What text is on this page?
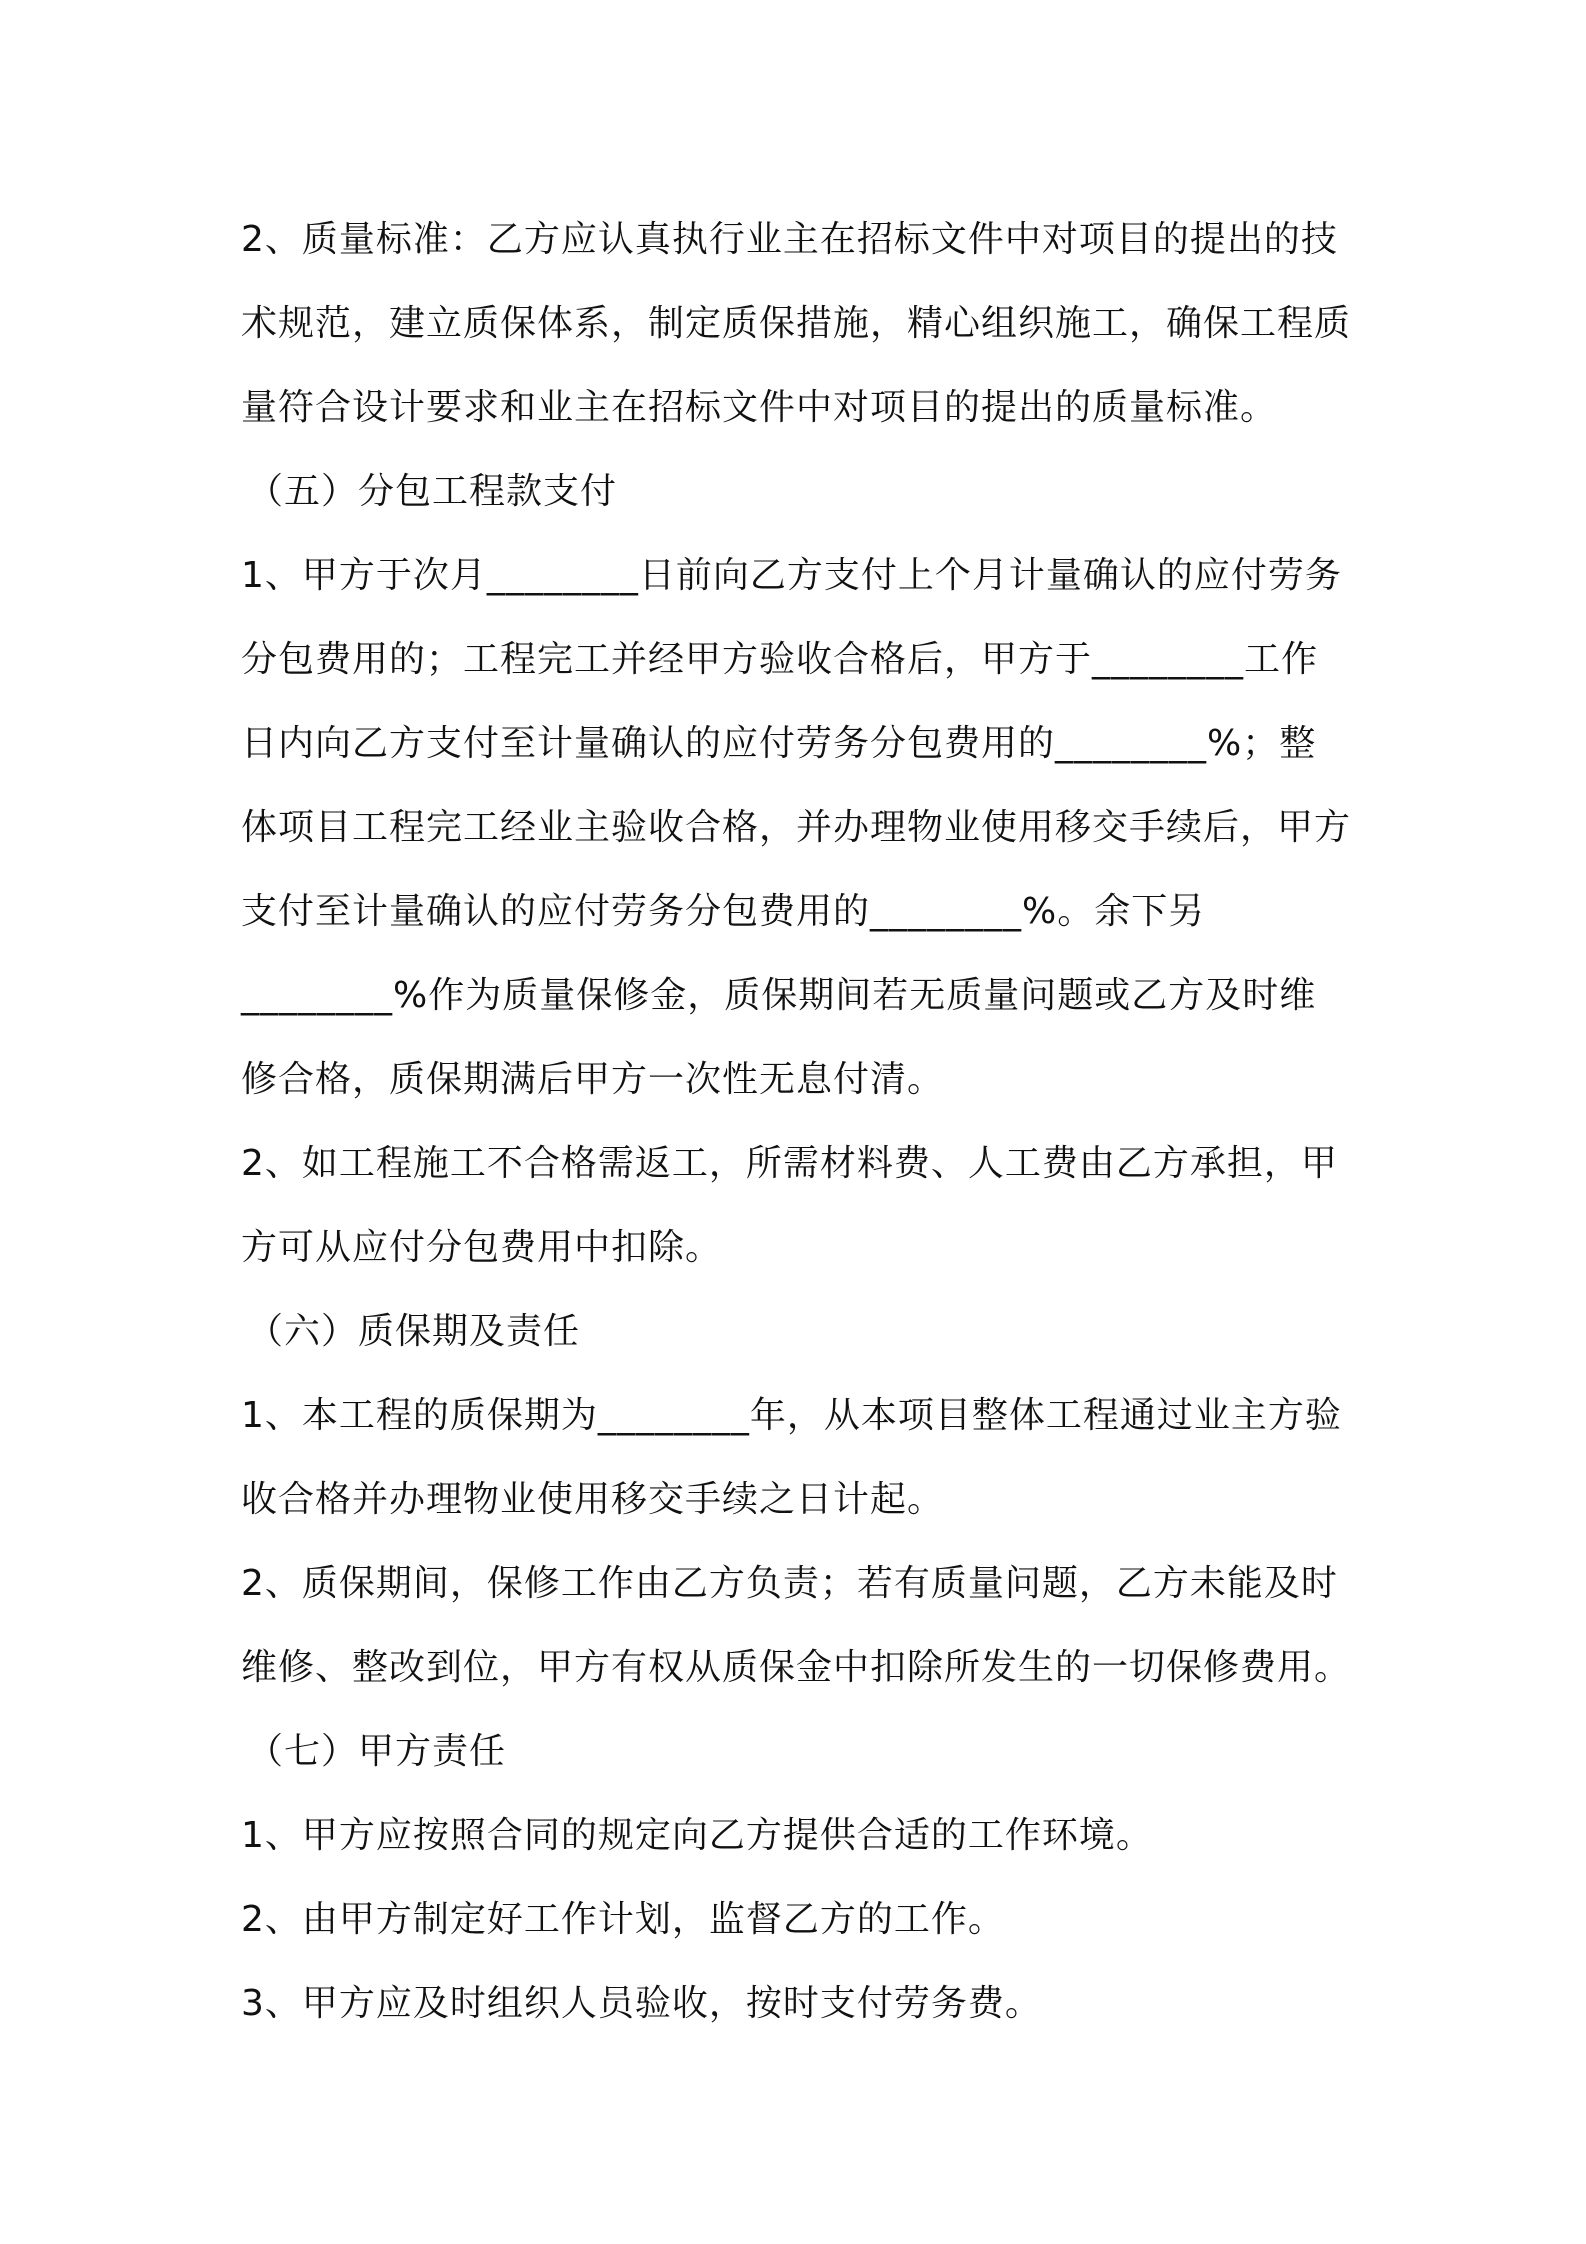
2、质量标准：乙方应认真执行业主在招标文件中对项目的提出的技
术规范，建立质保体系，制定质保措施，精心组织施工，确保工程质
量符合设计要求和业主在招标文件中对项目的提出的质量标准。
（五）分包工程款支付
1、甲方于次月________日前向乙方支付上个月计量确认的应付劳务
分包费用的；工程完工并经甲方验收合格后，甲方于________工作
日内向乙方支付至计量确认的应付劳务分包费用的________%；整
体项目工程完工经业主验收合格，并办理物业使用移交手续后，甲方
支付至计量确认的应付劳务分包费用的________%。余下另
________%作为质量保修金，质保期间若无质量问题或乙方及时维
修合格，质保期满后甲方一次性无息付清。
2、如工程施工不合格需返工，所需材料费、人工费由乙方承担，甲
方可从应付分包费用中扣除。
（六）质保期及责任
1、本工程的质保期为________年，从本项目整体工程通过业主方验
收合格并办理物业使用移交手续之日计起。
2、质保期间，保修工作由乙方负责；若有质量问题，乙方未能及时
维修、整改到位，甲方有权从质保金中扣除所发生的一切保修费用。
（七）甲方责任
1、甲方应按照合同的规定向乙方提供合适的工作环境。
2、由甲方制定好工作计划，监督乙方的工作。
3、甲方应及时组织人员验收，按时支付劳务费。
